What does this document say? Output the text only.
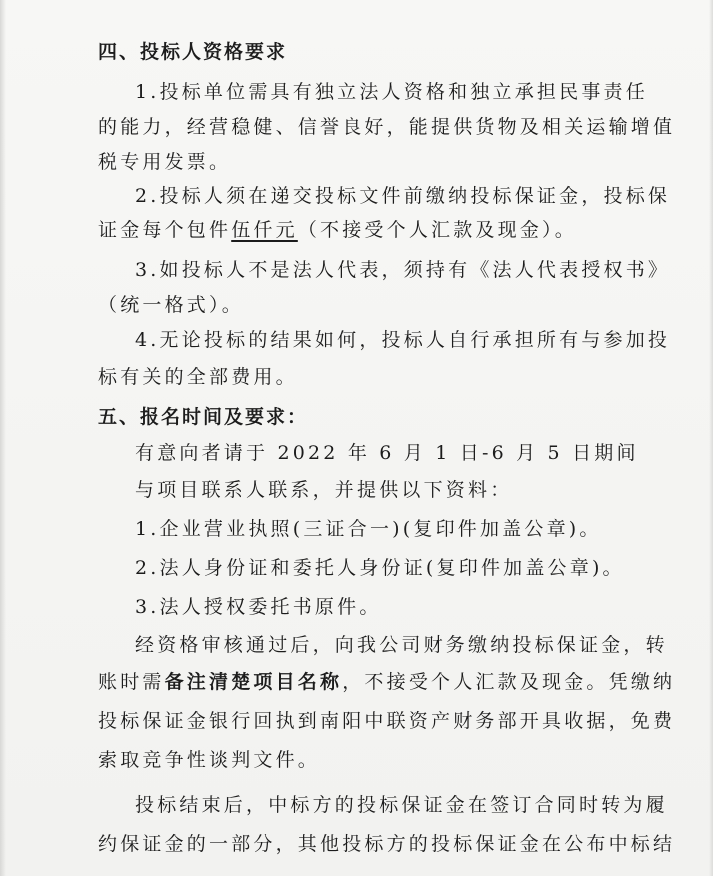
四、投标人资格要求
1.投标单位需具有独立法人资格和独立承担民事责任
的能力，经营稳健、信誉良好，能提供货物及相关运输增值
税专用发票。
2.投标人须在递交投标文件前缴纳投标保证金，投标保
证金每个包件伍仟元（不接受个人汇款及现金）。
3.如投标人不是法人代表，须持有《法人代表授权书》
（统一格式）。
4.无论投标的结果如何，投标人自行承担所有与参加投
标有关的全部费用。
五、报名时间及要求：
有意向者请于 2022 年 6 月 1 日-6 月 5 日期间
与项目联系人联系，并提供以下资料：
1.企业营业执照(三证合一)(复印件加盖公章)。
2.法人身份证和委托人身份证(复印件加盖公章)。
3.法人授权委托书原件。
经资格审核通过后，向我公司财务缴纳投标保证金，转
账时需备注清楚项目名称，不接受个人汇款及现金。凭缴纳
投标保证金银行回执到南阳中联资产财务部开具收据，免费
索取竞争性谈判文件。
投标结束后，中标方的投标保证金在签订合同时转为履
约保证金的一部分，其他投标方的投标保证金在公布中标结
